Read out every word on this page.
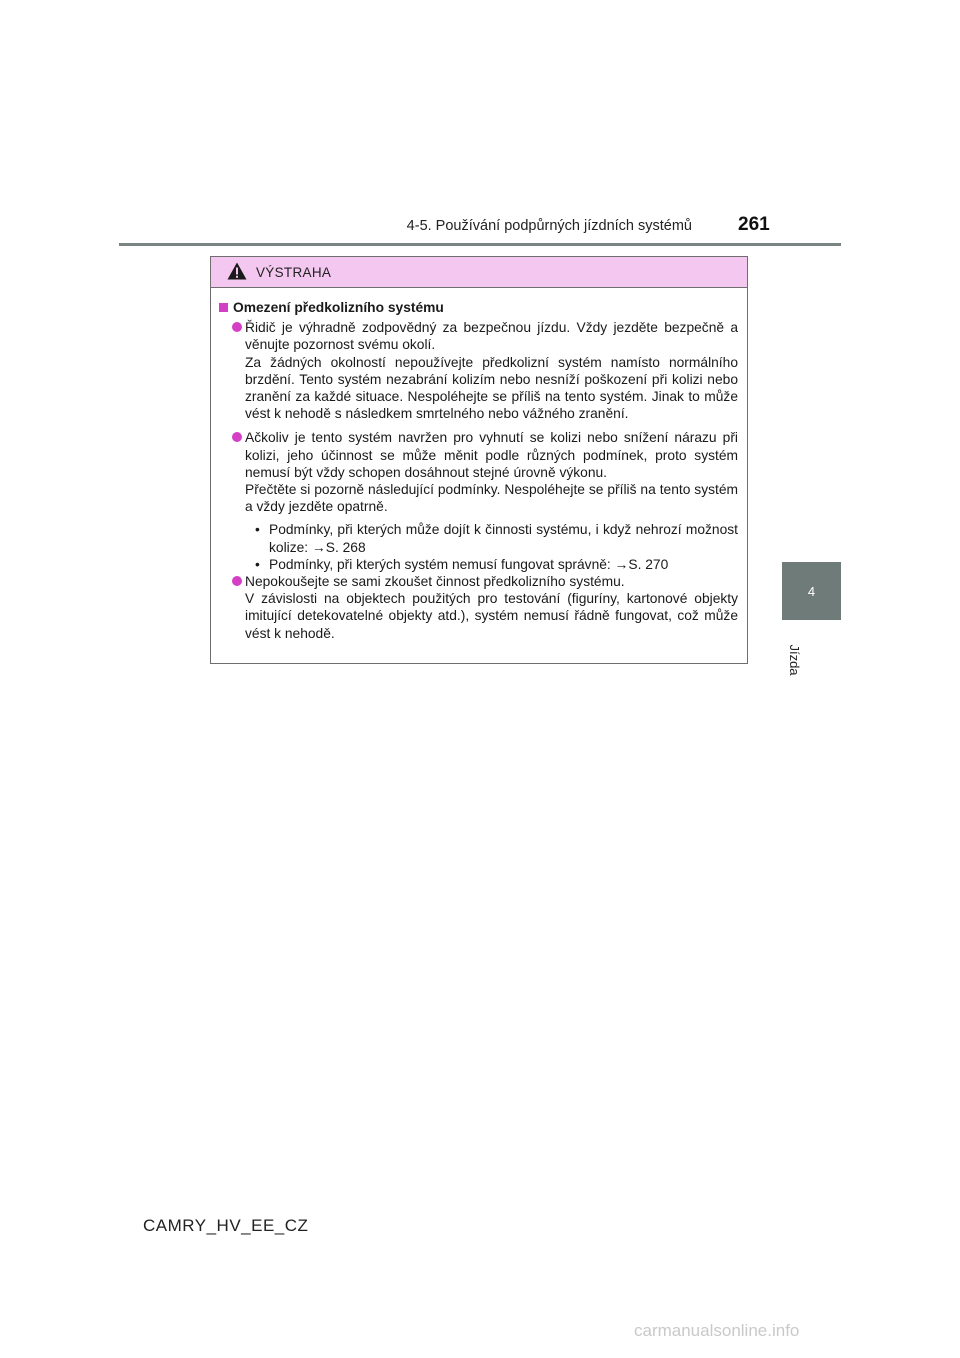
4-5. Používání podpůrných jízdních systémů 261
4
Jízda
VÝSTRAHA
Omezení předkolizního systému

Řidič je výhradně zodpovědný za bezpečnou jízdu. Vždy jezděte bezpečně a věnujte pozornost svému okolí.

Za žádných okolností nepoužívejte předkolizní systém namísto normálního brzdění. Tento systém nezabrání kolizím nebo nesníží poškození při kolizi nebo zranění za každé situace. Nespoléhejte se příliš na tento systém. Jinak to může vést k nehodě s následkem smrtelného nebo vážného zranění.

Ačkoliv je tento systém navržen pro vyhnutí se kolizi nebo snížení nárazu při kolizi, jeho účinnost se může měnit podle různých podmínek, proto systém nemusí být vždy schopen dosáhnout stejné úrovně výkonu.

Přečtěte si pozorně následující podmínky. Nespoléhejte se příliš na tento systém a vždy jezděte opatrně.

• Podmínky, při kterých může dojít k činnosti systému, i když nehrozí možnost kolize: →S. 268
• Podmínky, při kterých systém nemusí fungovat správně: →S. 270

Nepokoušejte se sami zkoušet činnost předkolizního systému.

V závislosti na objektech použitých pro testování (figuríny, kartonové objekty imitující detekovatelné objekty atd.), systém nemusí řádně fungovat, což může vést k nehodě.

CAMRY_HV_EE_CZ
carmanualsonline.info
